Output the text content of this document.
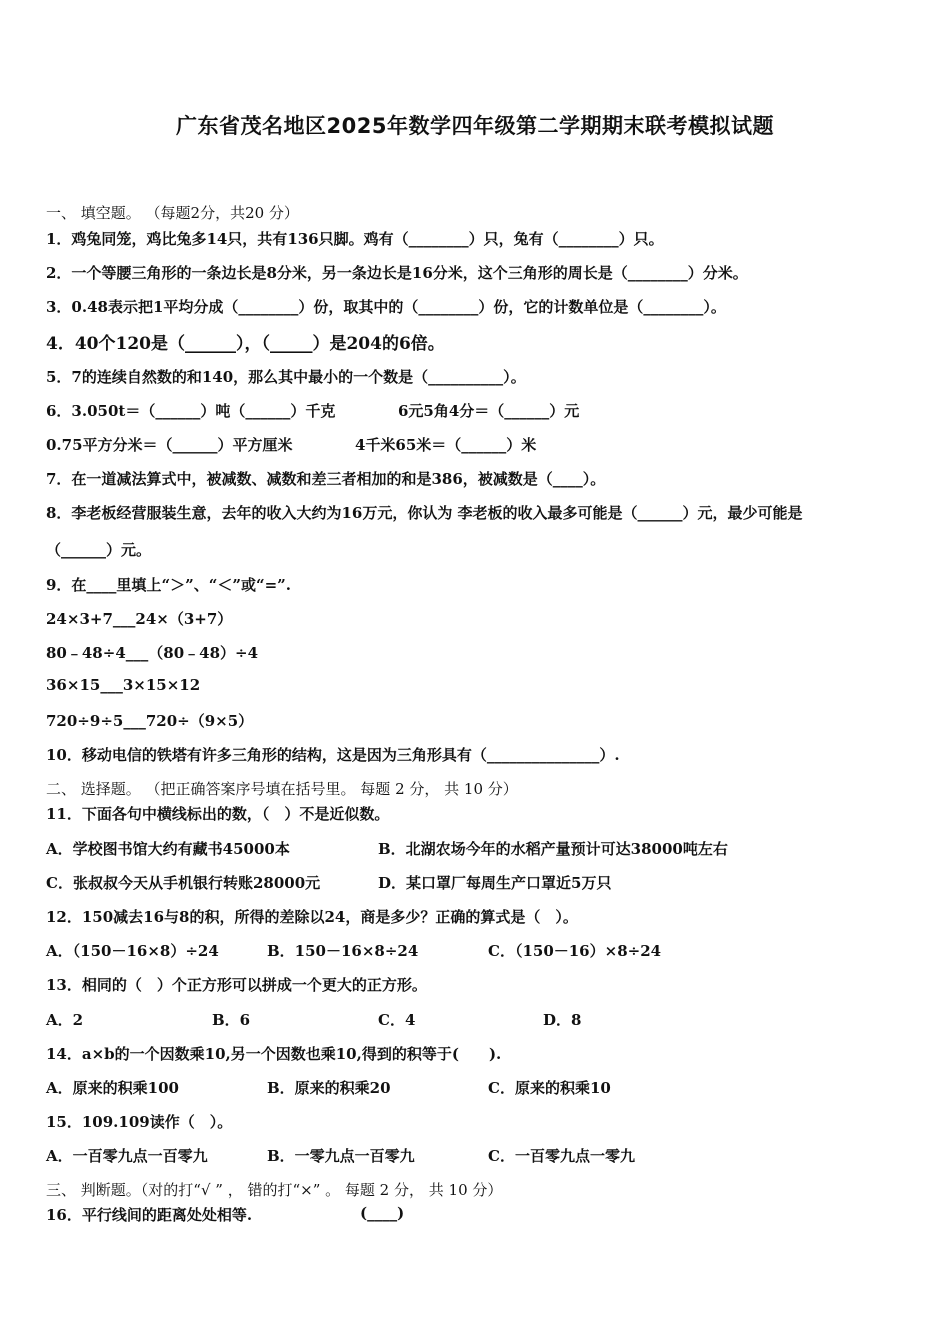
广东省茂名地区2025年数学四年级第二学期期末联考模拟试题
一、 填空题。 （每题2分，共20 分）
1．鸡兔同笼，鸡比兔多14只，共有136只脚。鸡有（________）只，兔有（________）只。
2．一个等腰三角形的一条边长是8分米，另一条边长是16分米，这个三角形的周长是（________）分米。
3．0.48表示把1平均分成（________）份，取其中的（________）份，它的计数单位是（________）。
4．40个120是（______），（_____）是204的6倍。
5．7的连续自然数的和140，那么其中最小的一个数是（__________）。
6．3.050t＝（______）吨（______）千克	6元5角4分＝（______）元
0.75平方分米＝（______）平方厘米	4千米65米＝（______）米
7．在一道减法算式中，被减数、减数和差三者相加的和是386，被减数是（____）。
8．李老板经营服装生意，去年的收入大约为16万元，你认为 李老板的收入最多可能是（______）元，最少可能是
（______）元。
9．在____里填上“＞”、“＜”或“=”.
24×3+7___24×（3+7）
80﹣48÷4___（80﹣48）÷4
36×15___3×15×12
720÷9÷5___720÷（9×5）
10．移动电信的铁塔有许多三角形的结构，这是因为三角形具有（_______________）.
二、 选择题。 （把正确答案序号填在括号里。 每题 2 分， 共 10 分）
11．下面各句中横线标出的数，（　）不是近似数。
A．学校图书馆大约有藏书45000本	B．北湖农场今年的水稻产量预计可达38000吨左右
C．张叔叔今天从手机银行转账28000元	D．某口罩厂每周生产口罩近5万只
12．150减去16与8的积，所得的差除以24，商是多少？正确的算式是（　）。
A．（150－16×8）÷24	B．150－16×8÷24	C．（150－16）×8÷24
13．相同的（　）个正方形可以拼成一个更大的正方形。
A．2	B．6	C．4	D．8
14．a×b的一个因数乘10,另一个因数也乘10,得到的积等于(　　).
A．原来的积乘100	B．原来的积乘20	C．原来的积乘10
15．109.109读作（　）。
A．一百零九点一百零九	B．一零九点一百零九	C．一百零九点一零九
三、 判断题。（对的打“√ ” ， 错的打“×” 。 每题 2 分， 共 10 分）
16．平行线间的距离处处相等.	(____)
